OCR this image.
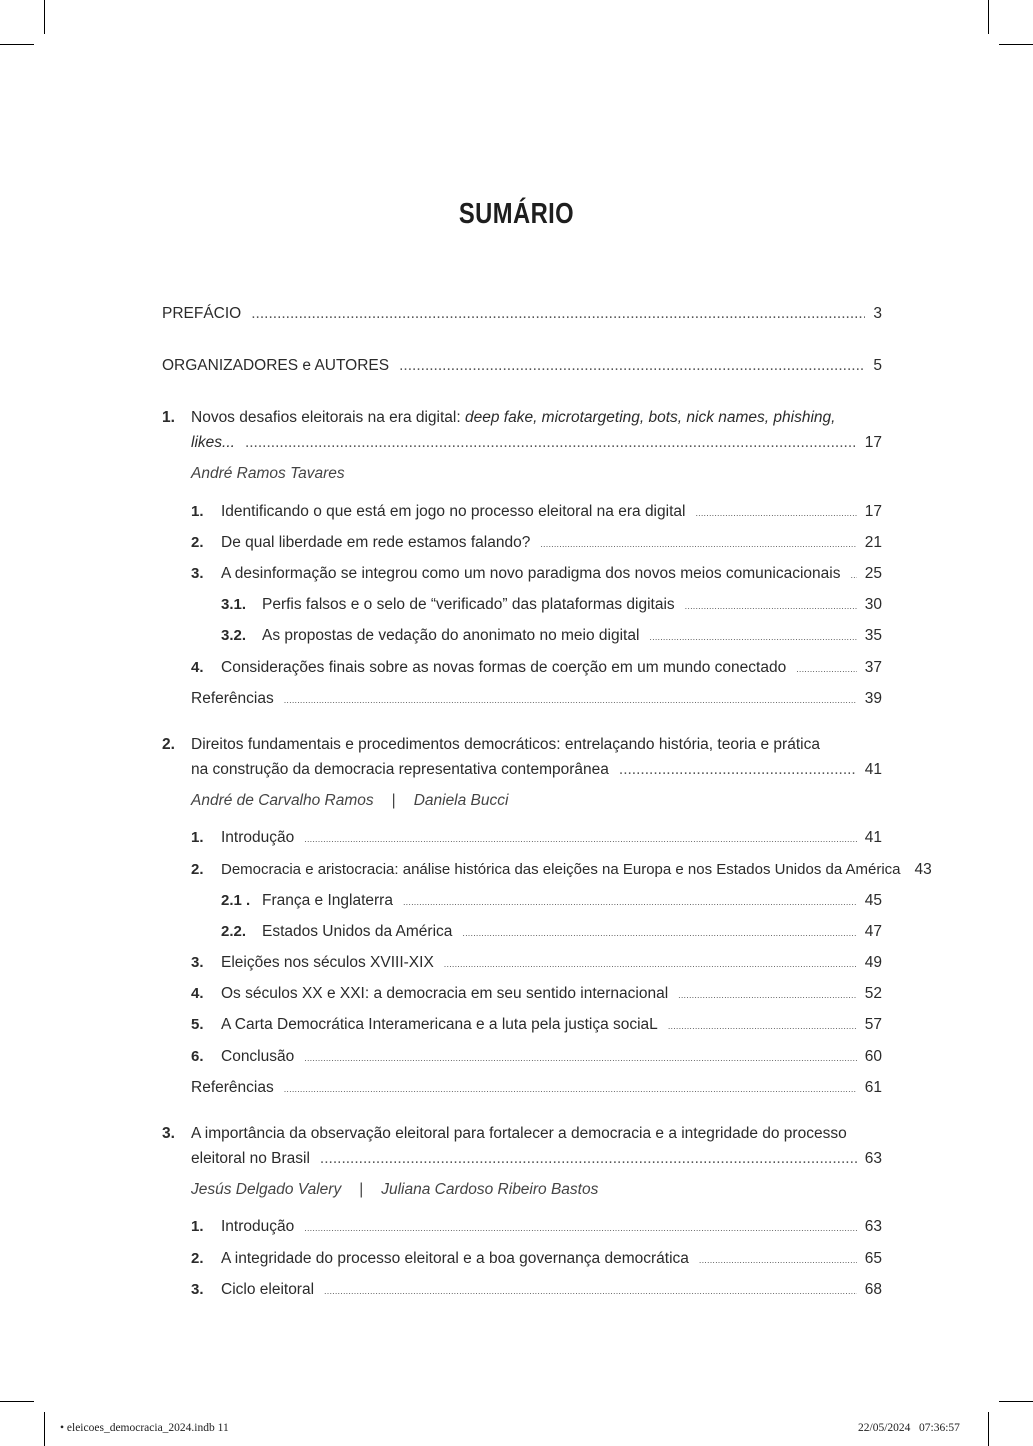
SUMÁRIO
PREFÁCIO .....	3
ORGANIZADORES e AUTORES .....	5
1. Novos desafios eleitorais na era digital: deep fake, microtargeting, bots, nick names, phishing,
likes... .....	17
André Ramos Tavares
1. Identificando o que está em jogo no processo eleitoral na era digital .....	17
2. De qual liberdade em rede estamos falando? .....	21
3. A desinformação se integrou como um novo paradigma dos novos meios comunicacionais ..... 25
3.1. Perfis falsos e o selo de “verificado” das plataformas digitais .....	30
3.2. As propostas de vedação do anonimato no meio digital .....	35
4. Considerações finais sobre as novas formas de coerção em um mundo conectado .....	37
Referências .....	39
2. Direitos fundamentais e procedimentos democráticos: entrelaçando história, teoria e prática
na construção da democracia representativa contemporânea .....	41
André de Carvalho Ramos | Daniela Bucci
1. Introdução .....	41
2. Democracia e aristocracia: análise histórica das eleições na Europa e nos Estados Unidos da América 43
2.1 . França e Inglaterra .....	45
2.2. Estados Unidos da América .....	47
3. Eleições nos séculos XVIII-XIX .....	49
4. Os séculos XX e XXI: a democracia em seu sentido internacional .....	52
5. A Carta Democrática Interamericana e a luta pela justiça sociaL .....	57
6. Conclusão .....	60
Referências .....	61
3. A importância da observação eleitoral para fortalecer a democracia e a integridade do processo
eleitoral no Brasil .....	63
Jesús Delgado Valery | Juliana Cardoso Ribeiro Bastos
1. Introdução .....	63
2. A integridade do processo eleitoral e a boa governança democrática .....	65
3. Ciclo eleitoral .....	68
• eleicoes_democracia_2024.indb 11	22/05/2024 07:36:57
